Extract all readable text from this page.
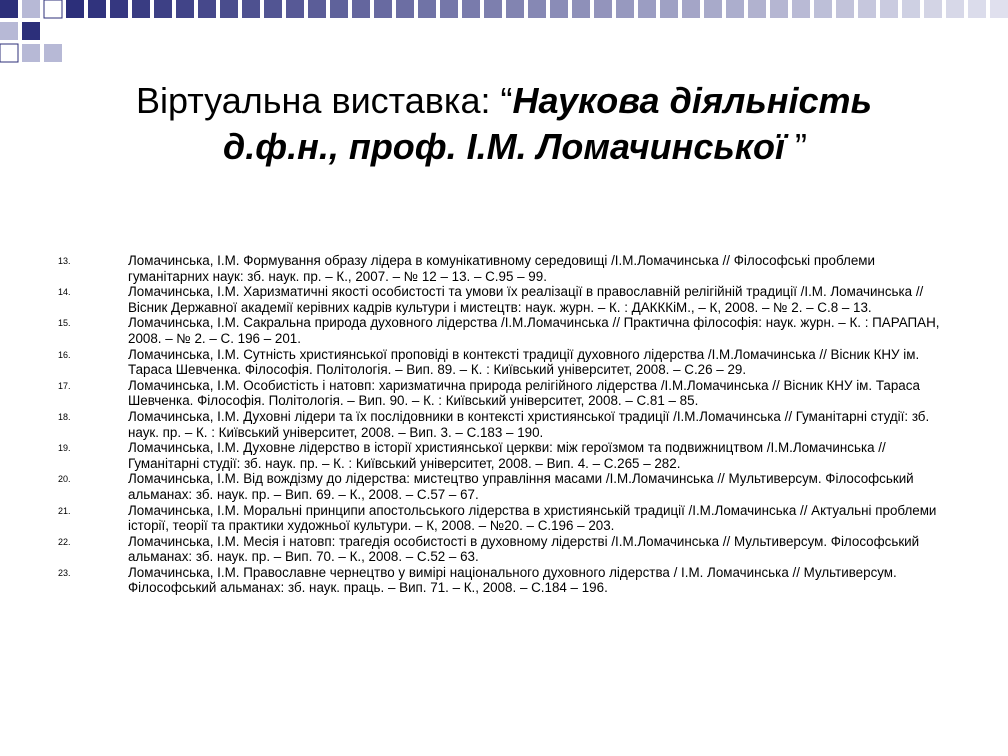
Віртуальна виставка: “Наукова діяльність
д.ф.н., проф. І.М. Ломачинської ”
13.	Ломачинська, І.М. Формування образу лідера в комунікативному середовищі /І.М.Ломачинська // Філософські проблеми гуманітарних наук: зб. наук. пр. – К., 2007. – № 12 – 13. – С.95 – 99.
14.	Ломачинська, І.М. Харизматичні якості особистості та умови їх реалізації в православній релігійній традиції /І.М. Ломачинська // Вісник Державної академії керівних кадрів культури і мистецтв: наук. журн. – К. : ДАКККіМ., – К, 2008. – № 2. – С.8 – 13.
15.	Ломачинська, І.М. Сакральна природа духовного лідерства /І.М.Ломачинська // Практична філософія: наук. журн. – К. : ПАРАПАН, 2008. – № 2. – С. 196 – 201.
16.	Ломачинська, І.М. Сутність християнської проповіді в контексті традиції духовного лідерства /І.М.Ломачинська // Вісник КНУ ім. Тараса Шевченка. Філософія. Політологія. – Вип. 89. – К. : Київський університет, 2008. – С.26 – 29.
17.	Ломачинська, І.М. Особистість і натовп: харизматична природа релігійного лідерства /І.М.Ломачинська // Вісник КНУ ім. Тараса Шевченка. Філософія. Політологія. – Вип. 90. – К. : Київський університет, 2008. – С.81 – 85.
18.	Ломачинська, І.М. Духовні лідери та їх послідовники в контексті християнської традиції /І.М.Ломачинська // Гуманітарні студії: зб. наук. пр. – К. : Київський університет, 2008. – Вип. 3. – С.183 – 190.
19.	Ломачинська, І.М. Духовне лідерство в історії християнської церкви: між героїзмом та подвижництвом /І.М.Ломачинська // Гуманітарні студії: зб. наук. пр. – К. : Київський університет, 2008. – Вип. 4. – С.265 – 282.
20.	Ломачинська, І.М. Від вождізму до лідерства: мистецтво управління масами /І.М.Ломачинська // Мультиверсум. Філософський альманах: зб. наук. пр. – Вип. 69. – К., 2008. – С.57 – 67.
21.	Ломачинська, І.М. Моральні принципи апостольського лідерства в християнській традиції /І.М.Ломачинська // Актуальні проблеми історії, теорії та практики художньої культури. – К, 2008. – №20. – С.196 – 203.
22.	Ломачинська, І.М. Месія і натовп: трагедія особистості в духовному лідерстві /І.М.Ломачинська // Мультиверсум. Філософський альманах: зб. наук. пр. – Вип. 70. – К., 2008. – С.52 – 63.
23.	Ломачинська, І.М. Православне чернецтво у вимірі національного духовного лідерства / І.М. Ломачинська // Мультиверсум. Філософський альманах: зб. наук. праць. – Вип. 71. – К., 2008. – С.184 – 196.
